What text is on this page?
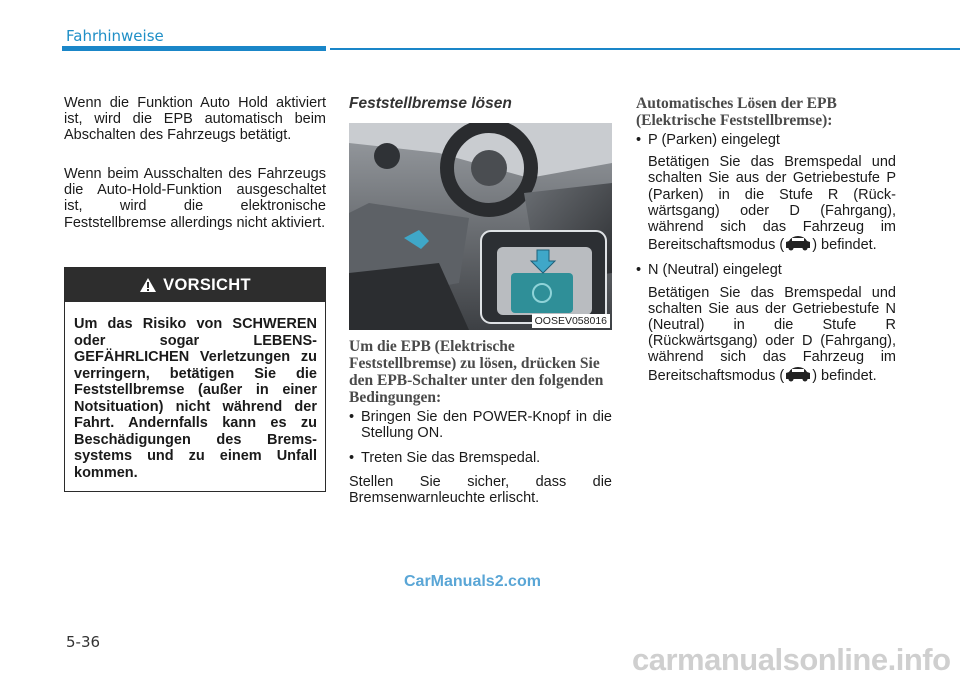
Fahrhinweise
Wenn die Funktion Auto Hold aktiviert ist, wird die EPB automatisch beim Abschalten des Fahrzeugs betätigt.
Wenn beim Ausschalten des Fahrzeugs die Auto-Hold-Funktion ausgeschaltet ist, wird die elektronische Feststellbremse allerdings nicht aktiviert.
VORSICHT
Um das Risiko von SCHWEREN oder sogar LEBENS-GEFÄHRLICHEN Verletzungen zu verringern, betätigen Sie die Feststellbremse (außer in einer Notsituation) nicht während der Fahrt. Andernfalls kann es zu Beschädigungen des Brems-systems und zu einem Unfall kommen.
Feststellbremse lösen
OOSEV058016
Um die EPB (Elektrische Feststellbremse) zu lösen, drücken Sie den EPB-Schalter unter den folgenden Bedingungen:
• Bringen Sie den POWER-Knopf in die Stellung ON.
• Treten Sie das Bremspedal.
Stellen Sie sicher, dass die Bremsenwarnleuchte erlischt.
Automatisches Lösen der EPB (Elektrische Feststellbremse):
• P (Parken) eingelegt
Betätigen Sie das Bremspedal und schalten Sie aus der Getriebestufe P (Parken) in die Stufe R (Rück-wärtsgang) oder D (Fahrgang), während sich das Fahrzeug im Bereitschaftsmodus ( ) befindet.
• N (Neutral) eingelegt
Betätigen Sie das Bremspedal und schalten Sie aus der Getriebestufe N (Neutral) in die Stufe R (Rückwärtsgang) oder D (Fahrgang), während sich das Fahrzeug im Bereitschaftsmodus ( ) befindet.
CarManuals2.com
5-36	carmanualsonline.info
